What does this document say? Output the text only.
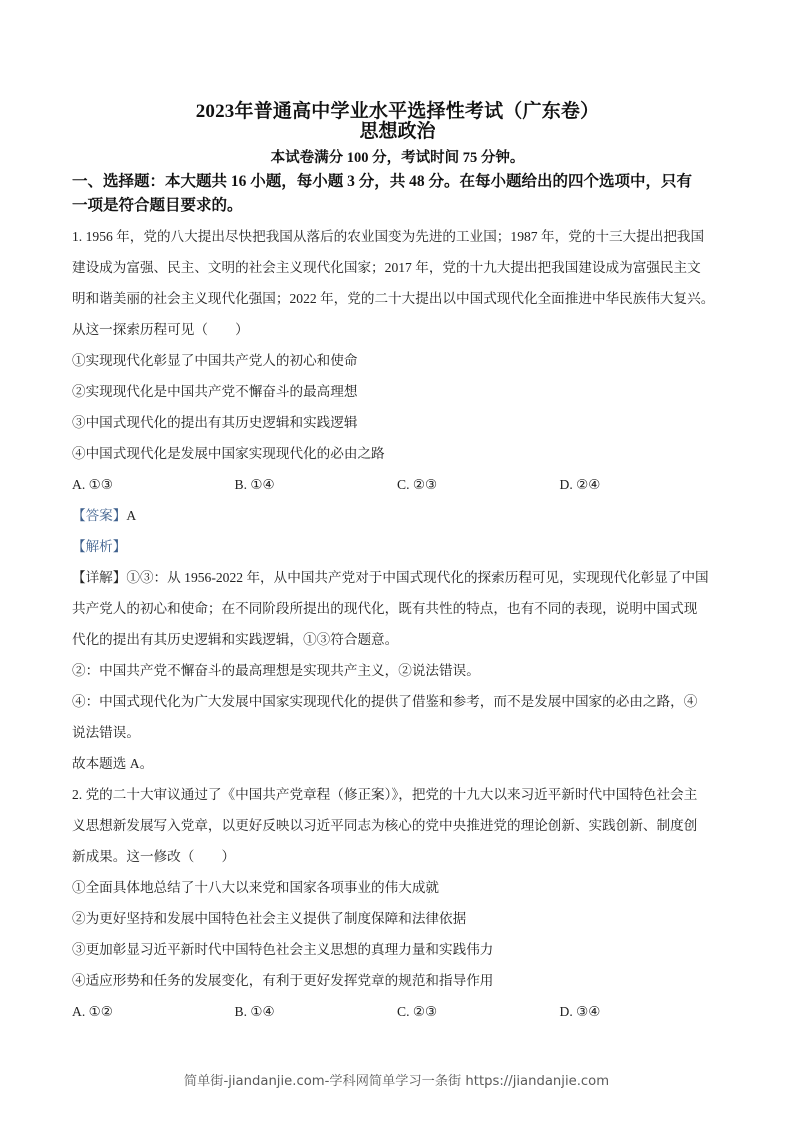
2023年普通高中学业水平选择性考试（广东卷）
思想政治
本试卷满分 100 分，考试时间 75 分钟。
一、选择题：本大题共 16 小题，每小题 3 分，共 48 分。在每小题给出的四个选项中，只有
一项是符合题目要求的。
1. 1956 年，党的八大提出尽快把我国从落后的农业国变为先进的工业国；1987 年，党的十三大提出把我国
建设成为富强、民主、文明的社会主义现代化国家；2017 年，党的十九大提出把我国建设成为富强民主文
明和谐美丽的社会主义现代化强国；2022 年，党的二十大提出以中国式现代化全面推进中华民族伟大复兴。
从这一探索历程可见（　　）
①实现现代化彰显了中国共产党人的初心和使命
②实现现代化是中国共产党不懈奋斗的最高理想
③中国式现代化的提出有其历史逻辑和实践逻辑
④中国式现代化是发展中国家实现现代化的必由之路
A. ①③	B. ①④	C. ②③	D. ②④
【答案】A
【解析】
【详解】①③：从 1956-2022 年，从中国共产党对于中国式现代化的探索历程可见，实现现代化彰显了中国
共产党人的初心和使命；在不同阶段所提出的现代化，既有共性的特点，也有不同的表现，说明中国式现
代化的提出有其历史逻辑和实践逻辑，①③符合题意。
②：中国共产党不懈奋斗的最高理想是实现共产主义，②说法错误。
④：中国式现代化为广大发展中国家实现现代化的提供了借鉴和参考，而不是发展中国家的必由之路，④
说法错误。
故本题选 A。
2. 党的二十大审议通过了《中国共产党章程（修正案）》，把党的十九大以来习近平新时代中国特色社会主
义思想新发展写入党章，以更好反映以习近平同志为核心的党中央推进党的理论创新、实践创新、制度创
新成果。这一修改（　　）
①全面具体地总结了十八大以来党和国家各项事业的伟大成就
②为更好坚持和发展中国特色社会主义提供了制度保障和法律依据
③更加彰显习近平新时代中国特色社会主义思想的真理力量和实践伟力
④适应形势和任务的发展变化，有利于更好发挥党章的规范和指导作用
A. ①②	B. ①④	C. ②③	D. ③④
简单街-jiandanjie.com-学科网简单学习一条街 https://jiandanjie.com
